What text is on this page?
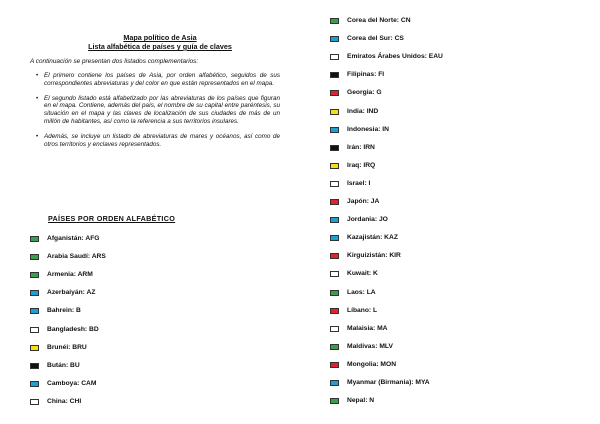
Mapa político de Asia
Lista alfabética de países y guía de claves
A continuación se presentan dos listados complementarios:
• El primero contiene los países de Asia, por orden alfabético, seguidos de sus correspondientes abreviaturas y del color en que están representados en el mapa.
• El segundo listado está alfabetizado por las abreviaturas de los países que figuran en el mapa. Contiene, además del país, el nombre de su capital entre paréntesis, su situación en el mapa y las claves de localización de sus ciudades de más de un millón de habitantes, así como la referencia a sus territorios insulares.
• Además, se incluye un listado de abreviaturas de mares y océanos, así como de otros territorios y enclaves representados.
PAÍSES POR ORDEN ALFABÉTICO
Afganistán: AFG
Arabia Saudí: ARS
Armenia: ARM
Azerbaiyán: AZ
Bahrein: B
Bangladesh: BD
Brunéi: BRU
Bután: BU
Camboya: CAM
China: CHI
Corea del Norte: CN
Corea del Sur: CS
Emiratos Árabes Unidos: EAU
Filipinas: FI
Georgia: G
India: IND
Indonesia: IN
Irán: IRN
Iraq: IRQ
Israel: I
Japón: JA
Jordania: JO
Kazajistán: KAZ
Kirguizistán: KIR
Kuwait: K
Laos: LA
Líbano: L
Malaisia: MA
Maldivas: MLV
Mongolia: MON
Myanmar (Birmania): MYA
Nepal: N
